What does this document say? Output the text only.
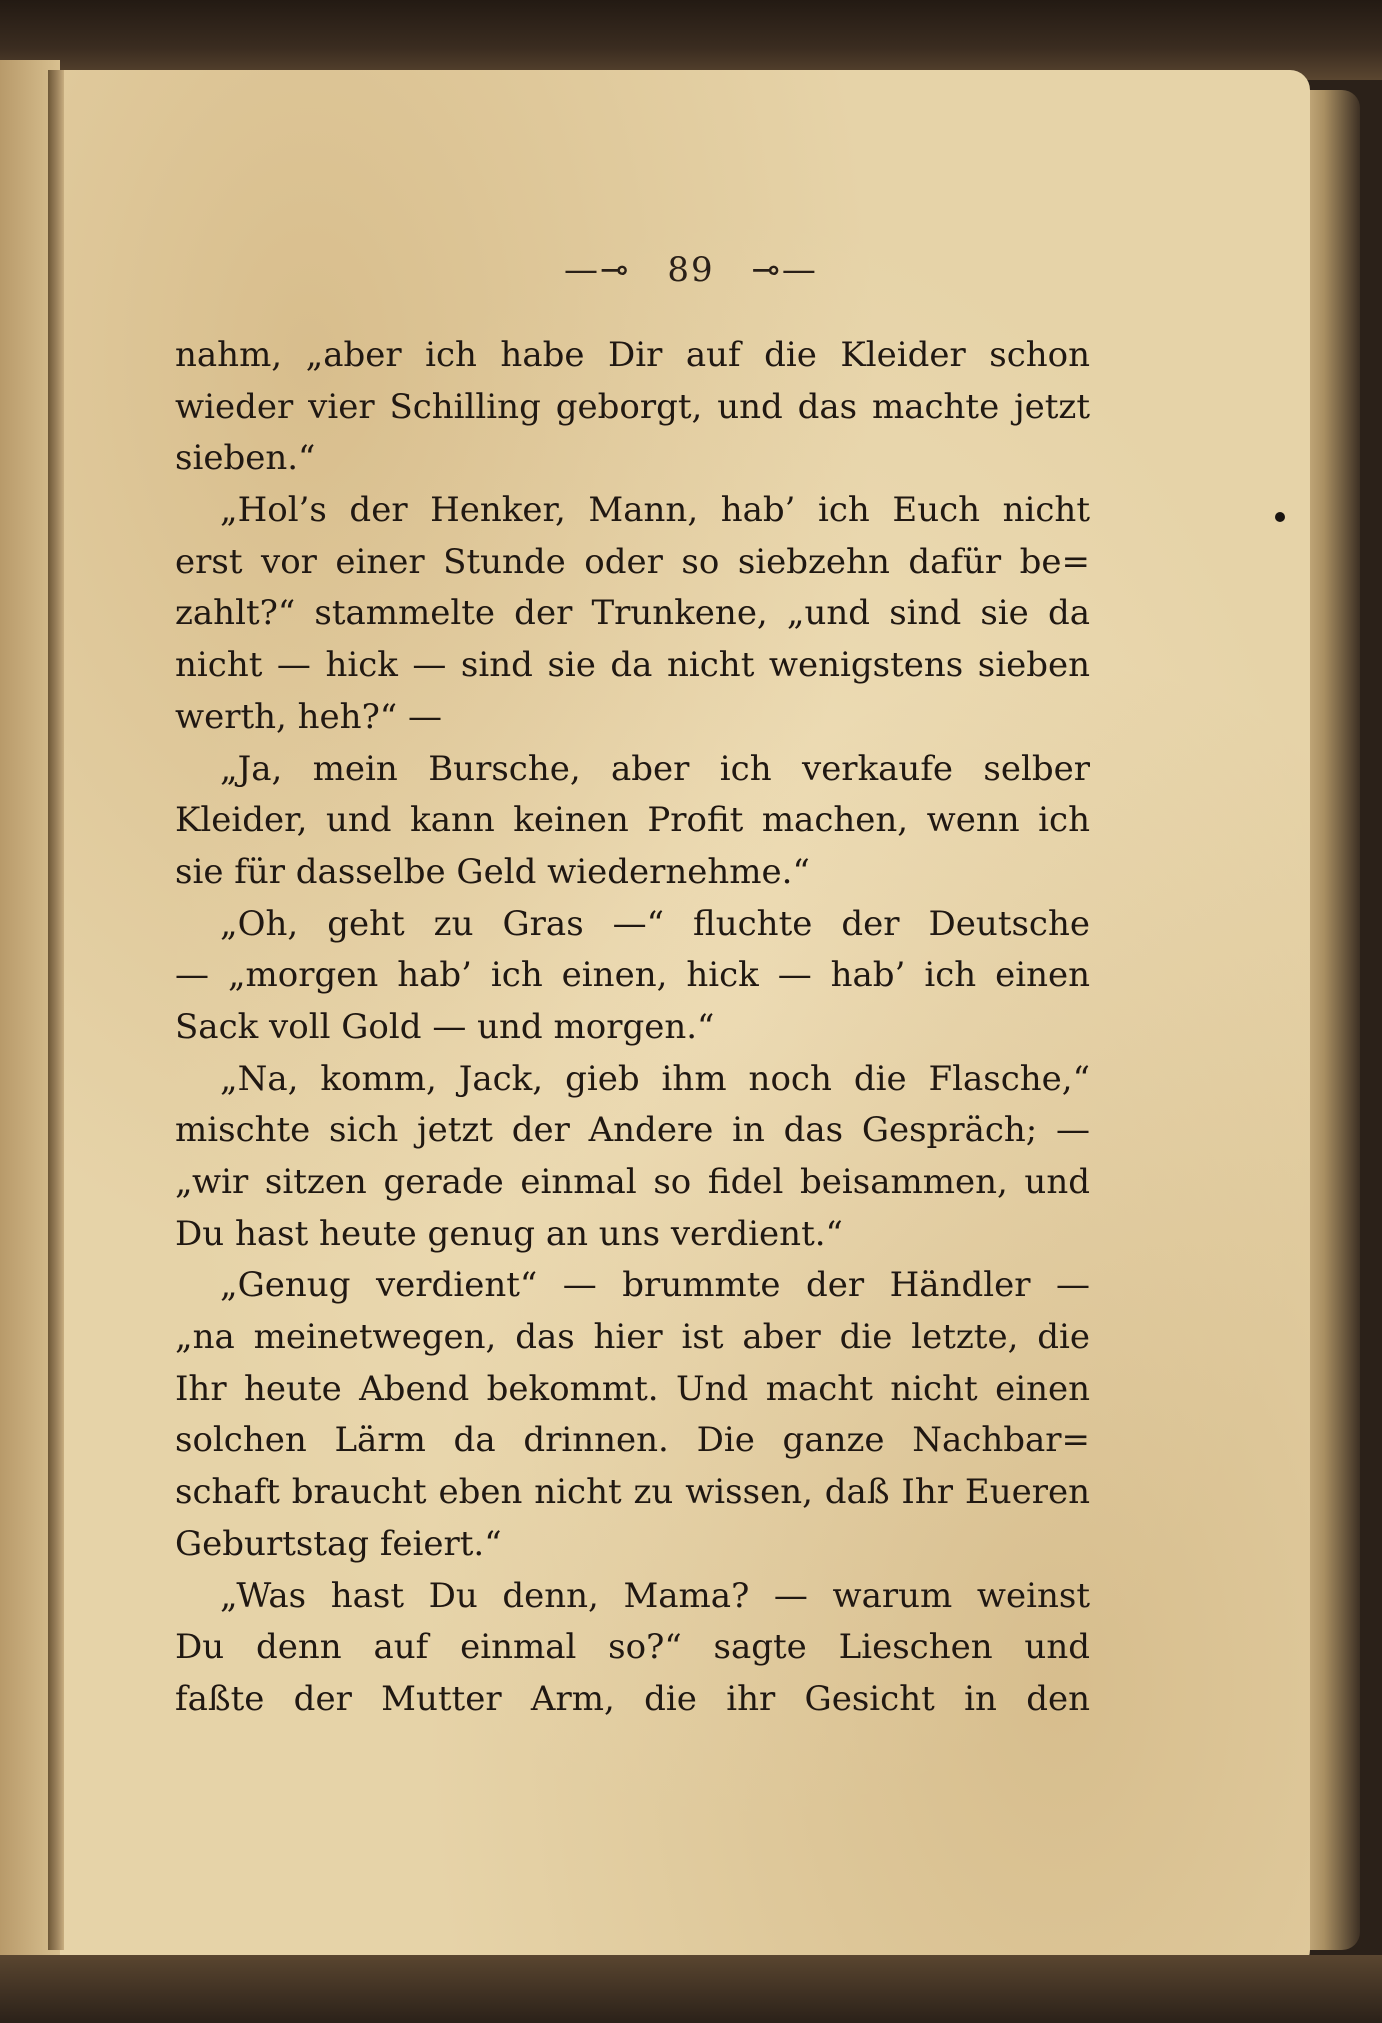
—⊸ 89 ⊸—
nahm, „aber ich habe Dir auf die Kleider schon
wieder vier Schilling geborgt, und das machte jetzt
sieben.“
„Hol’s der Henker, Mann, hab’ ich Euch nicht
erst vor einer Stunde oder so siebzehn dafür be=
zahlt?“ stammelte der Trunkene, „und sind sie da
nicht — hick — sind sie da nicht wenigstens sieben
werth, heh?“ —
„Ja, mein Bursche, aber ich verkaufe selber
Kleider, und kann keinen Profit machen, wenn ich
sie für dasselbe Geld wiedernehme.“
„Oh, geht zu Gras —“ fluchte der Deutsche
— „morgen hab’ ich einen, hick — hab’ ich einen
Sack voll Gold — und morgen.“
„Na, komm, Jack, gieb ihm noch die Flasche,“
mischte sich jetzt der Andere in das Gespräch; —
„wir sitzen gerade einmal so fidel beisammen, und
Du hast heute genug an uns verdient.“
„Genug verdient“ — brummte der Händler —
„na meinetwegen, das hier ist aber die letzte, die
Ihr heute Abend bekommt. Und macht nicht einen
solchen Lärm da drinnen. Die ganze Nachbar=
schaft braucht eben nicht zu wissen, daß Ihr Eueren
Geburtstag feiert.“
„Was hast Du denn, Mama? — warum weinst
Du denn auf einmal so?“ sagte Lieschen und
faßte der Mutter Arm, die ihr Gesicht in den
